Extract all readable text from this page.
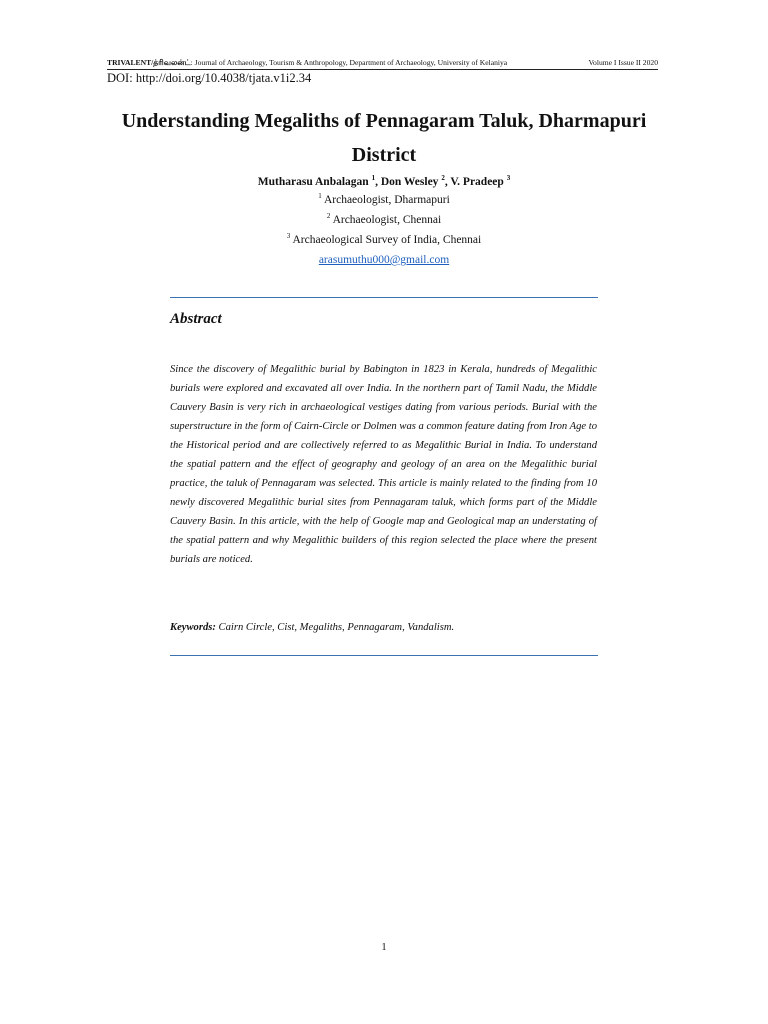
TRIVALENT/த்ரிவலன்ட்: Journal of Archaeology, Tourism & Anthropology, Department of Archaeology, University of Kelaniya	Volume I Issue II 2020
DOI: http://doi.org/10.4038/tjata.v1i2.34
Understanding Megaliths of Pennagaram Taluk, Dharmapuri District
Mutharasu Anbalagan $^1$, Don Wesley $^2$, V. Pradeep $^3$
$^1$ Archaeologist, Dharmapuri
$^2$ Archaeologist, Chennai
$^3$ Archaeological Survey of India, Chennai
arasumuthu000@gmail.com
Abstract

Since the discovery of Megalithic burial by Babington in 1823 in Kerala, hundreds of Megalithic burials were explored and excavated all over India. In the northern part of Tamil Nadu, the Middle Cauvery Basin is very rich in archaeological vestiges dating from various periods. Burial with the superstructure in the form of Cairn-Circle or Dolmen was a common feature dating from Iron Age to the Historical period and are collectively referred to as Megalithic Burial in India. To understand the spatial pattern and the effect of geography and geology of an area on the Megalithic burial practice, the taluk of Pennagaram was selected. This article is mainly related to the finding from 10 newly discovered Megalithic burial sites from Pennagaram taluk, which forms part of the Middle Cauvery Basin. In this article, with the help of Google map and Geological map an understating of the spatial pattern and why Megalithic builders of this region selected the place where the present burials are noticed.

Keywords: Cairn Circle, Cist, Megaliths, Pennagaram, Vandalism.

1
